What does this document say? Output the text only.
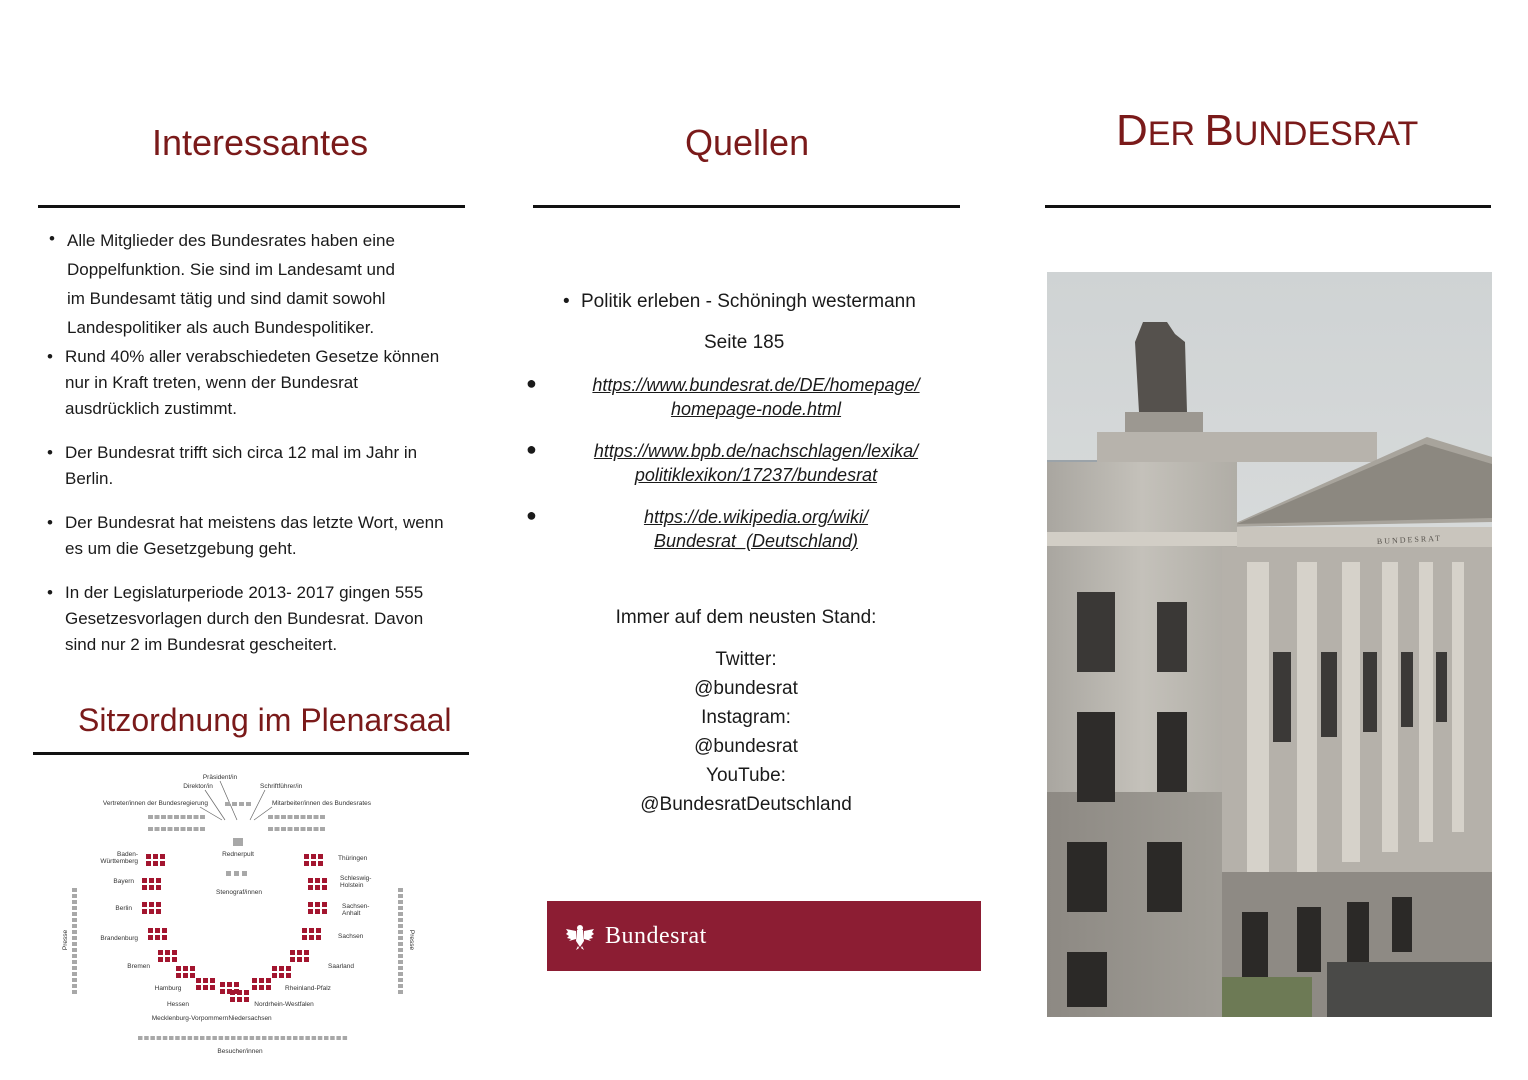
Interessantes
• Alle Mitglieder des Bundesrates haben eine
Doppelfunktion. Sie sind im Landesamt und
im Bundesamt tätig und sind damit sowohl
Landespolitiker als auch Bundespolitiker.
• Rund 40% aller verabschiedeten Gesetze können
nur in Kraft treten, wenn der Bundesrat
ausdrücklich zustimmt.
• Der Bundesrat trifft sich circa 12 mal im Jahr in
Berlin.
• Der Bundesrat hat meistens das letzte Wort, wenn
es um die Gesetzgebung geht.
• In der Legislaturperiode 2013- 2017 gingen 555
Gesetzesvorlagen durch den Bundesrat. Davon
sind nur 2 im Bundesrat gescheitert.
Sitzordnung im Plenarsaal
Präsident/in
Direktor/in	Schriftführer/in
Vertreter/innen der Bundesregierung	Mitarbeiter/innen des Bundesrates
Rednerpult
Stenograf/innen
Besucher/innen
Presse	Presse
Baden-Württemberg
Bayern
Berlin
Brandenburg
Bremen
Hamburg
Hessen
Mecklenburg-Vorpommern
Thüringen
Schleswig-Holstein
Sachsen-Anhalt
Sachsen
Saarland
Rheinland-Pfalz
Nordrhein-Westfalen
Niedersachsen
Quellen
• Politik erleben - Schöningh westermann
Seite 185
●	https://www.bundesrat.de/DE/homepage/
homepage-node.html
●	https://www.bpb.de/nachschlagen/lexika/
politiklexikon/17237/bundesrat
●	https://de.wikipedia.org/wiki/
Bundesrat_(Deutschland)
Immer auf dem neusten Stand:
Twitter:
@bundesrat
Instagram:
@bundesrat
YouTube:
@BundesratDeutschland
Bundesrat
DER BUNDESRAT
BUNDESRAT
